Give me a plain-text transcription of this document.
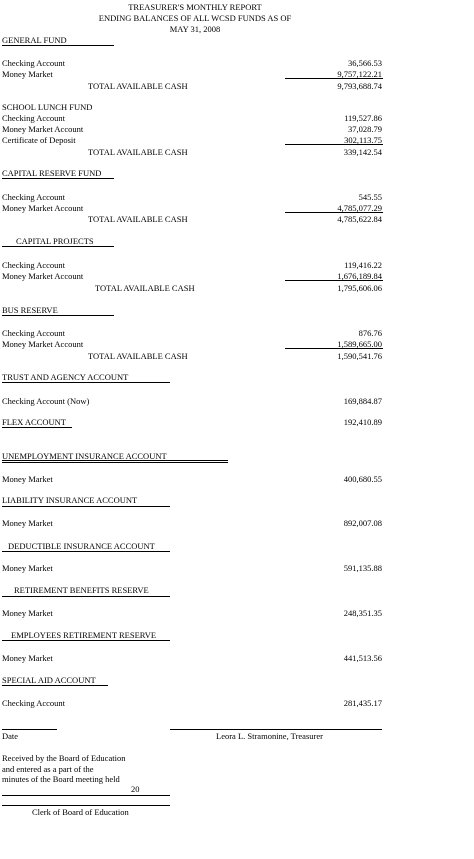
TREASURER'S MONTHLY REPORT
ENDING BALANCES OF ALL WCSD FUNDS AS OF
MAY 31, 2008
GENERAL FUND
Checking Account	36,566.53
Money Market	9,757,122.21
TOTAL AVAILABLE CASH	9,793,688.74
SCHOOL LUNCH FUND
Checking Account	119,527.86
Money Market Account	37,028.79
Certificate of Deposit	302,113.75
TOTAL AVAILABLE CASH	339,142.54
CAPITAL RESERVE FUND
Checking Account	545.55
Money Market Account	4,785,077.29
TOTAL AVAILABLE CASH	4,785,622.84
CAPITAL PROJECTS
Checking Account	119,416.22
Money Market Account	1,676,189.84
TOTAL AVAILABLE CASH	1,795,606.06
BUS RESERVE
Checking Account	876.76
Money Market Account	1,589,665.00
TOTAL AVAILABLE CASH	1,590,541.76
TRUST AND AGENCY ACCOUNT
Checking Account (Now)	169,884.87
FLEX ACCOUNT	192,410.89
UNEMPLOYMENT INSURANCE ACCOUNT
Money Market	400,680.55
LIABILITY INSURANCE ACCOUNT
Money Market	892,007.08
DEDUCTIBLE INSURANCE ACCOUNT
Money Market	591,135.88
RETIREMENT BENEFITS RESERVE
Money Market	248,351.35
EMPLOYEES RETIREMENT RESERVE
Money Market	441,513.56
SPECIAL AID ACCOUNT
Checking Account	281,435.17
Date	Leora L. Stramonine, Treasurer
Received by the Board of Education
and entered as a part of the
minutes of the Board meeting held
20
Clerk of Board of Education
